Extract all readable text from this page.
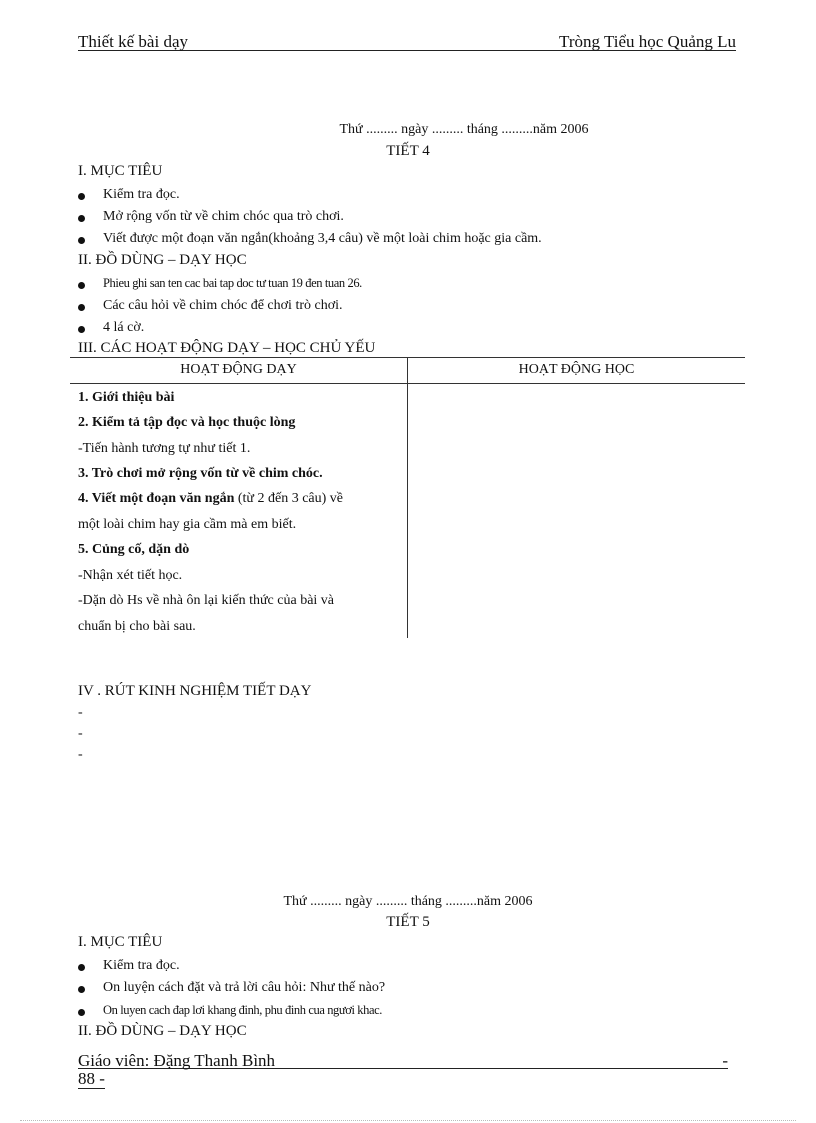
Thiết kế bài dạy	Tròng Tiểu học Quảng Lu
Thứ ......... ngày ......... tháng .........năm 2006
TIẾT 4
I. MỤC TIÊU
Kiểm tra đọc.
Mở rộng vốn từ về chim chóc qua trò chơi.
Viết được một đoạn văn ngắn(khoảng 3,4 câu) về một loài chim hoặc gia cầm.
II. ĐỒ DÙNG – DẠY HỌC
Phieu ghi san ten cac bai tap doc tư tuan 19 đen tuan 26.
Các câu hỏi về chim chóc để chơi trò chơi.
4 lá cờ.
III. CÁC HOẠT ĐỘNG DẠY – HỌC CHỦ YẾU
HOẠT ĐỘNG DẠY	HOẠT ĐỘNG HỌC
1. Giới thiệu bài
2. Kiểm tả tập đọc và học thuộc lòng
-Tiến hành tương tự như tiết 1.
3. Trò chơi mở rộng vốn từ về chim chóc.
4. Viết một đoạn văn ngắn (từ 2 đến 3 câu) về
một loài chim hay gia cầm mà em biết.
5. Củng cố, dặn dò
-Nhận xét tiết học.
-Dặn dò Hs về nhà ôn lại kiến thức của bài và
chuẩn bị cho bài sau.
IV . RÚT KINH NGHIỆM TIẾT DẠY
-
-
-
Thứ ......... ngày ......... tháng .........năm 2006
TIẾT 5
I. MỤC TIÊU
Kiểm tra đọc.
On luyện cách đặt và trả lời câu hỏi: Như thế nào?
On luyen cach đap lơi khang đinh, phu đinh cua ngươi khac.
II. ĐỒ DÙNG – DẠY HỌC
Giáo viên: Đặng Thanh Bình	-
88 -
